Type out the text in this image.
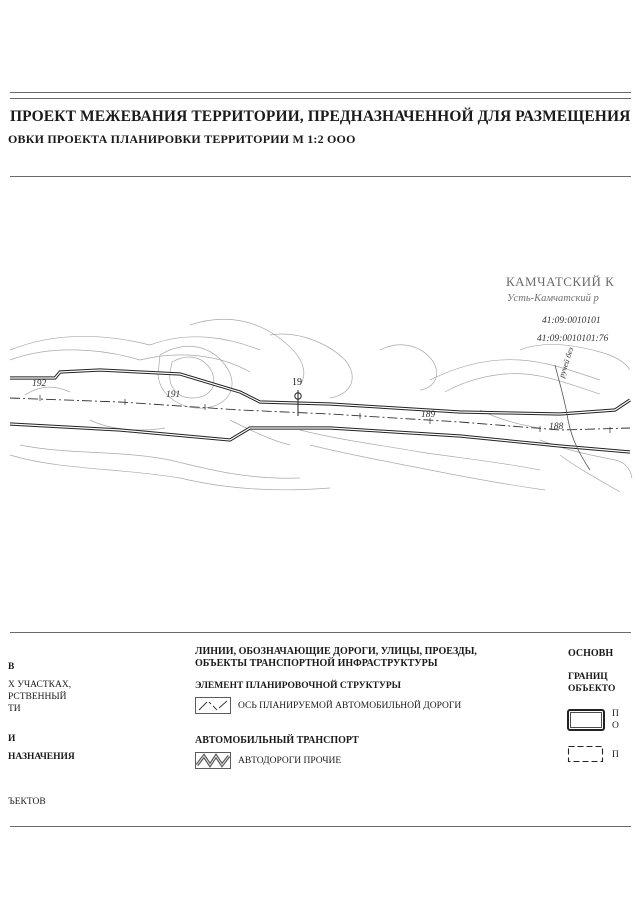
ПРОЕКТ МЕЖЕВАНИЯ ТЕРРИТОРИИ, ПРЕДНАЗНАЧЕННОЙ ДЛЯ РАЗМЕЩЕНИЯ
ОВКИ ПРОЕКТА ПЛАНИРОВКИ ТЕРРИТОРИИ М 1:2 ООО
КАМЧАТСКИЙ К
Усть-Камчатский р
41:09:0010101
41:09:0010101:76
192
191
189
188
19
ручей без
В
Х УЧАСТКАХ,
РСТВЕННЫЙ
ТИ
И
НАЗНАЧЕНИЯ
ЪЕКТОВ
ЛИНИИ, ОБОЗНАЧАЮЩИЕ ДОРОГИ, УЛИЦЫ, ПРОЕЗДЫ,
ОБЪЕКТЫ ТРАНСПОРТНОЙ ИНФРАСТРУКТУРЫ
ЭЛЕМЕНТ ПЛАНИРОВОЧНОЙ СТРУКТУРЫ
ОСЬ ПЛАНИРУЕМОЙ АВТОМОБИЛЬНОЙ ДОРОГИ
АВТОМОБИЛЬНЫЙ ТРАНСПОРТ
АВТОДОРОГИ ПРОЧИЕ
ОСНОВН
ГРАНИЦ
ОБЪЕКТО
П
О
П
